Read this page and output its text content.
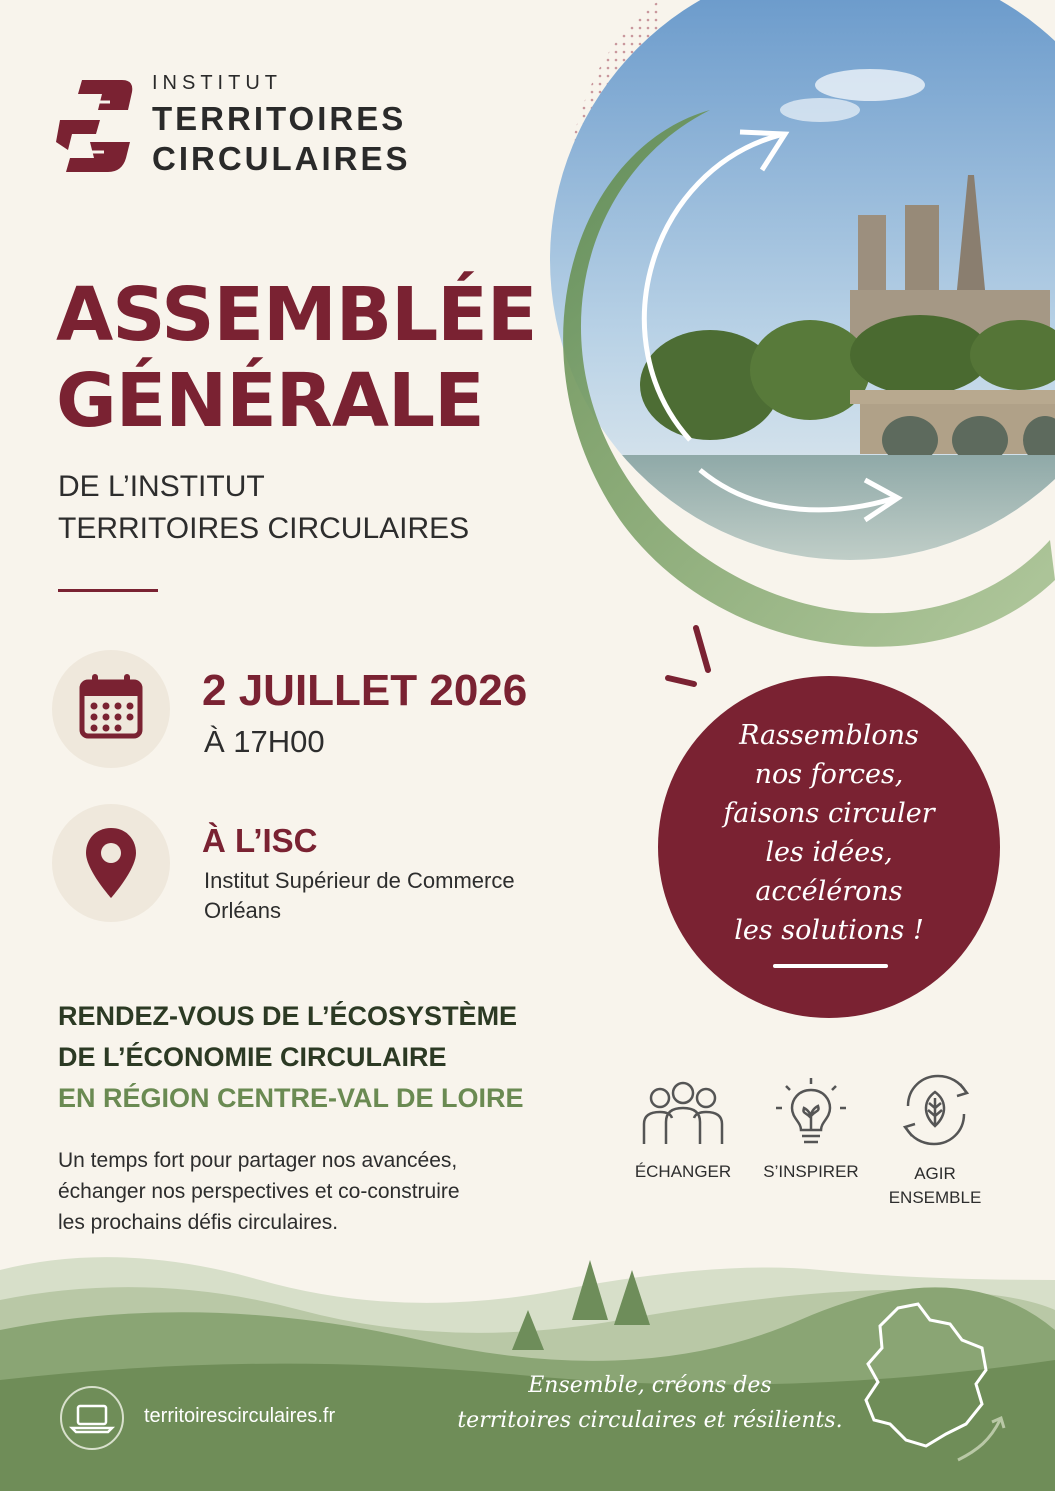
INSTITUT
TERRITOIRES
CIRCULAIRES
ASSEMBLÉE
GÉNÉRALE
DE L’INSTITUT
TERRITOIRES CIRCULAIRES
2 JUILLET 2026
À 17H00
À L’ISC
Institut Supérieur de Commerce
Orléans
RENDEZ-VOUS DE L’ÉCOSYSTÈME
DE L’ÉCONOMIE CIRCULAIRE
EN RÉGION CENTRE-VAL DE LOIRE
Un temps fort pour partager nos avancées,
échanger nos perspectives et co-construire
les prochains défis circulaires.
Rassemblons
nos forces,
faisons circuler
les idées,
accélérons
les solutions !
ÉCHANGER	S’INSPIRER	AGIR
ENSEMBLE
territoirescirculaires.fr
Ensemble, créons des
territoires circulaires et résilients.
